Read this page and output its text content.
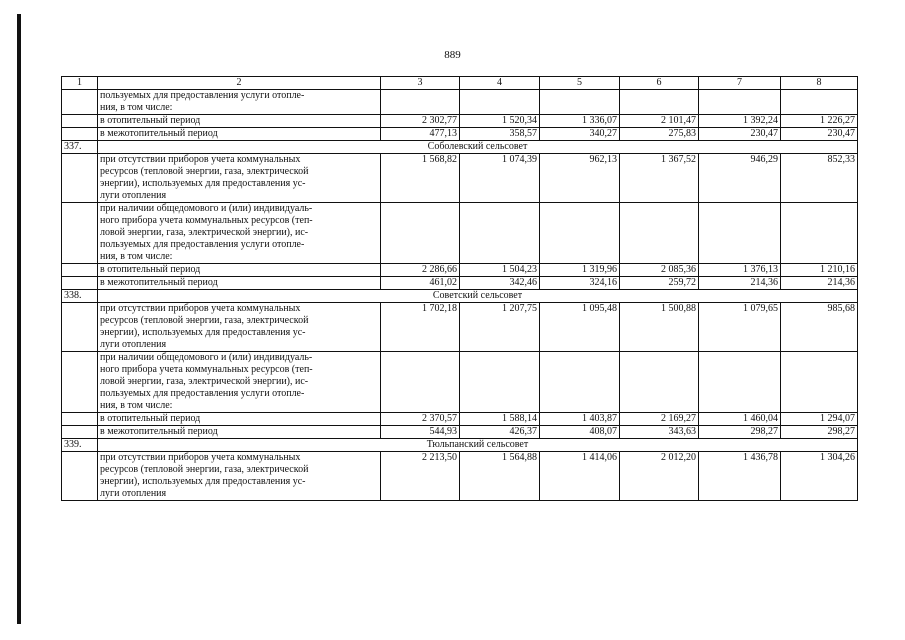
889
1	2	3	4	5	6	7	8
	пользуемых для предоставления услуги отопле-
ния, в том числе:						
	в отопительный период	2 302,77	1 520,34	1 336,07	2 101,47	1 392,24	1 226,27
	в межотопительный период	477,13	358,57	340,27	275,83	230,47	230,47
337.	Соболевский сельсовет						
	при отсутствии приборов учета коммунальных
ресурсов (тепловой энергии, газа, электрической
энергии), используемых для предоставления ус-
луги отопления	1 568,82	1 074,39	962,13	1 367,52	946,29	852,33
	при наличии общедомового и (или) индивидуаль-
ного прибора учета коммунальных ресурсов (теп-
ловой энергии, газа, электрической энергии), ис-
пользуемых для предоставления услуги отопле-
ния, в том числе:						
	в отопительный период	2 286,66	1 504,23	1 319,96	2 085,36	1 376,13	1 210,16
	в межотопительный период	461,02	342,46	324,16	259,72	214,36	214,36
338.	Советский сельсовет						
	при отсутствии приборов учета коммунальных
ресурсов (тепловой энергии, газа, электрической
энергии), используемых для предоставления ус-
луги отопления	1 702,18	1 207,75	1 095,48	1 500,88	1 079,65	985,68
	при наличии общедомового и (или) индивидуаль-
ного прибора учета коммунальных ресурсов (теп-
ловой энергии, газа, электрической энергии), ис-
пользуемых для предоставления услуги отопле-
ния, в том числе:						
	в отопительный период	2 370,57	1 588,14	1 403,87	2 169,27	1 460,04	1 294,07
	в межотопительный период	544,93	426,37	408,07	343,63	298,27	298,27
339.	Тюльпанский сельсовет						
	при отсутствии приборов учета коммунальных
ресурсов (тепловой энергии, газа, электрической
энергии), используемых для предоставления ус-
луги отопления	2 213,50	1 564,88	1 414,06	2 012,20	1 436,78	1 304,26
